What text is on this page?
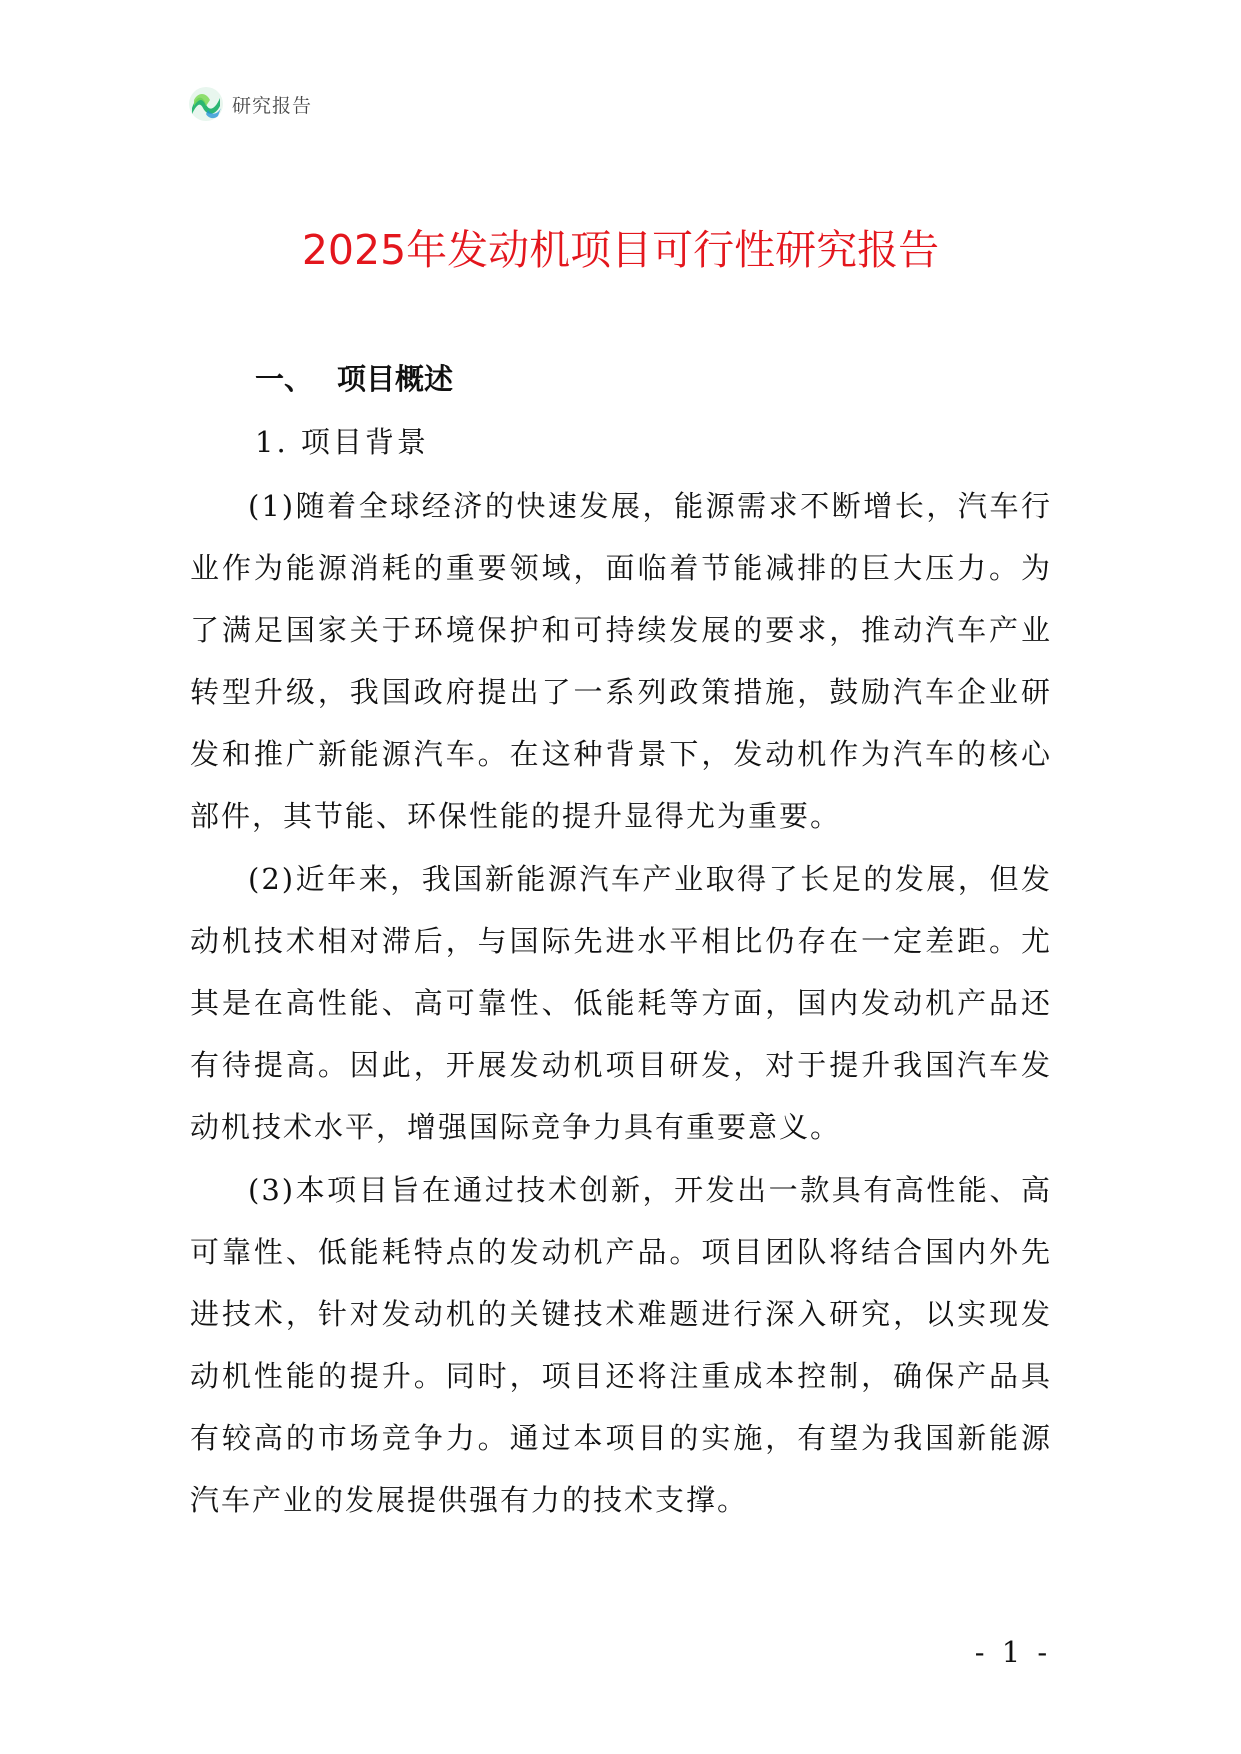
研究报告
2025年发动机项目可行性研究报告
一、 项目概述
1. 项目背景

(1)随着全球经济的快速发展，能源需求不断增长，汽车行业作为能源消耗的重要领域，面临着节能减排的巨大压力。为了满足国家关于环境保护和可持续发展的要求，推动汽车产业转型升级，我国政府提出了一系列政策措施，鼓励汽车企业研发和推广新能源汽车。在这种背景下，发动机作为汽车的核心部件，其节能、环保性能的提升显得尤为重要。

(2)近年来，我国新能源汽车产业取得了长足的发展，但发动机技术相对滞后，与国际先进水平相比仍存在一定差距。尤其是在高性能、高可靠性、低能耗等方面，国内发动机产品还有待提高。因此，开展发动机项目研发，对于提升我国汽车发动机技术水平，增强国际竞争力具有重要意义。

(3)本项目旨在通过技术创新，开发出一款具有高性能、高可靠性、低能耗特点的发动机产品。项目团队将结合国内外先进技术，针对发动机的关键技术难题进行深入研究，以实现发动机性能的提升。同时，项目还将注重成本控制，确保产品具有较高的市场竞争力。通过本项目的实施，有望为我国新能源汽车产业的发展提供强有力的技术支撑。

- 1 -
